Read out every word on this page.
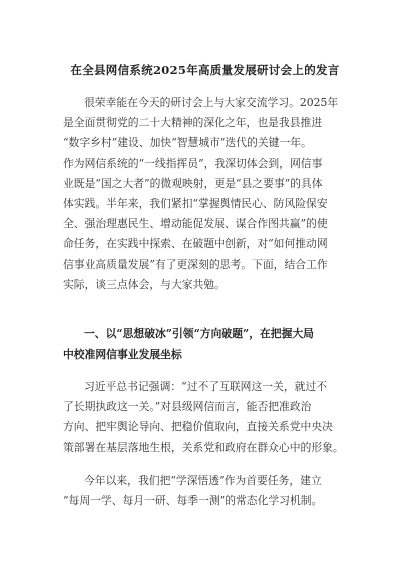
在全县网信系统2025年高质量发展研讨会上的发言
很荣幸能在今天的研讨会上与大家交流学习。2025年
是全面贯彻党的二十大精神的深化之年，也是我县推进
“数字乡村”建设、加快“智慧城市”迭代的关键一年。
作为网信系统的“一线指挥员”，我深切体会到，网信事
业既是“国之大者”的微观映射，更是“县之要事”的具体
体实践。半年来，我们紧扣“掌握舆情民心、防风险保安
全、强治理惠民生、增动能促发展、谋合作图共赢”的使
命任务，在实践中探索、在破题中创新，对“如何推动网
信事业高质量发展”有了更深刻的思考。下面，结合工作
实际，谈三点体会，与大家共勉。
一、以“思想破冰”引领“方向破题”，在把握大局
中校准网信事业发展坐标
习近平总书记强调：“过不了互联网这一关，就过不
了长期执政这一关。”对县级网信而言，能否把准政治
方向、把牢舆论导向、把稳价值取向，直接关系党中央决
策部署在基层落地生根，关系党和政府在群众心中的形象。
今年以来，我们把“学深悟透”作为首要任务，建立
“每周一学、每月一研、每季一测”的常态化学习机制。
